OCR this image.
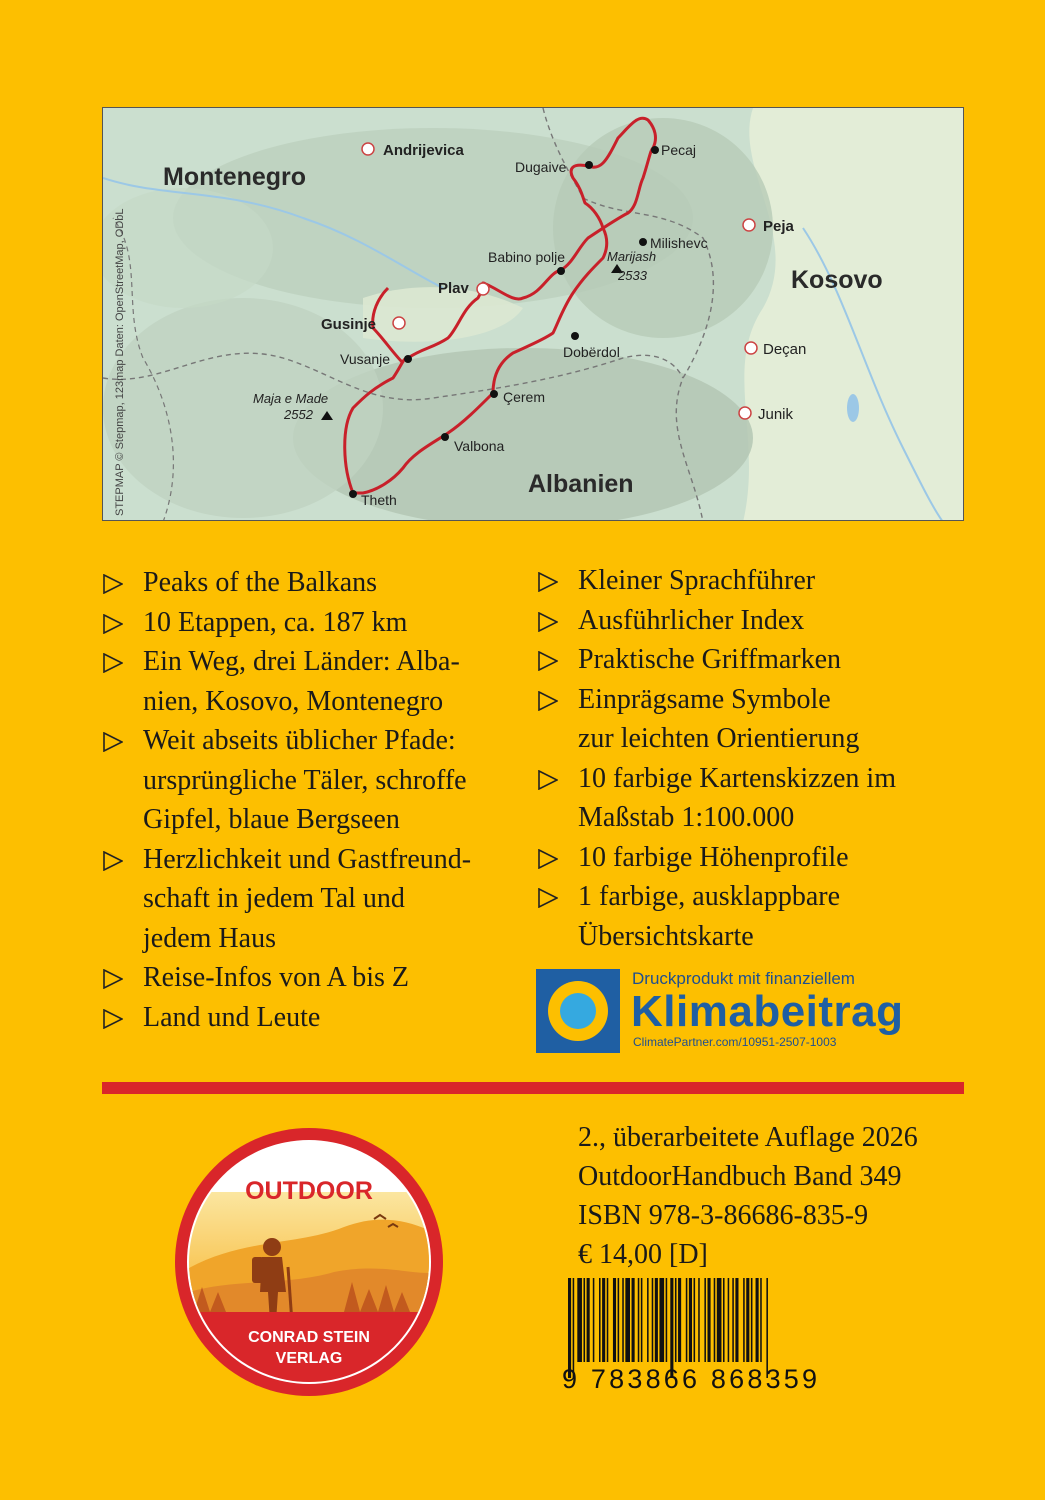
Montenegro
Kosovo
Albanien
Andrijevica
Peja
Plav
Gusinje
Deçan
Junik
Dugaive
Pecaj
Milishevc
Babino polje	Marijash
2533
Vusanje	Dobërdol
Maja e Made
2552
Çerem
Valbona
Theth
STEPMAP © Stepmap, 123map Daten: OpenStreetMap, ODbL
Peaks of the Balkans
10 Etappen, ca. 187 km
Ein Weg, drei Länder: Alba-
nien, Kosovo, Montenegro
Weit abseits üblicher Pfade:
ursprüngliche Täler, schroffe
Gipfel, blaue Bergseen
Herzlichkeit und Gastfreund-
schaft in jedem Tal und
jedem Haus
Reise-Infos von A bis Z
Land und Leute
Kleiner Sprachführer
Ausführlicher Index
Praktische Griffmarken
Einprägsame Symbole
zur leichten Orientierung
10 farbige Kartenskizzen im
Maßstab 1:100.000
10 farbige Höhenprofile
1 farbige, ausklappbare
Übersichtskarte
Druckprodukt mit finanziellem
Klimabeitrag
ClimatePartner.com/10951-2507-1003
OUTDOOR
CONRAD STEIN
VERLAG
2., überarbeitete Auflage 2026
OutdoorHandbuch Band 349
ISBN 978-3-86686-835-9
€ 14,00 [D]
9 783866 868359
